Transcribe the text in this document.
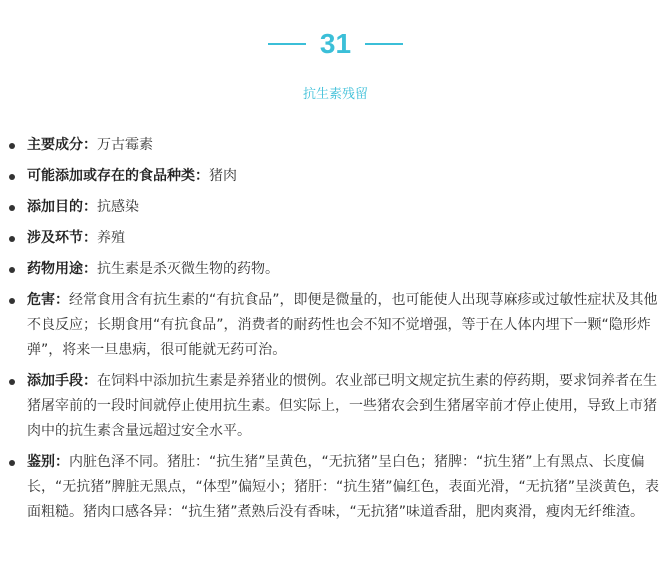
31
抗生素残留
主要成分：万古霉素
可能添加或存在的食品种类：猪肉
添加目的：抗感染
涉及环节：养殖
药物用途：抗生素是杀灭微生物的药物。
危害：经常食用含有抗生素的“有抗食品”，即便是微量的，也可能使人出现荨麻疹或过敏性症状及其他不良反应；长期食用“有抗食品”，消费者的耐药性也会不知不觉增强，等于在人体内埋下一颗“隐形炸弹”，将来一旦患病，很可能就无药可治。
添加手段：在饲料中添加抗生素是养猪业的惯例。农业部已明文规定抗生素的停药期，要求饲养者在生猪屠宰前的一段时间就停止使用抗生素。但实际上，一些猪农会到生猪屠宰前才停止使用，导致上市猪肉中的抗生素含量远超过安全水平。
鉴别：内脏色泽不同。猪肚：“抗生猪”呈黄色，“无抗猪”呈白色；猪脾：“抗生猪”上有黑点、长度偏长，“无抗猪”脾脏无黑点，“体型”偏短小；猪肝：“抗生猪”偏红色，表面光滑，“无抗猪”呈淡黄色，表面粗糙。猪肉口感各异：“抗生猪”煮熟后没有香味，“无抗猪”味道香甜，肥肉爽滑，瘦肉无纤维渣。
